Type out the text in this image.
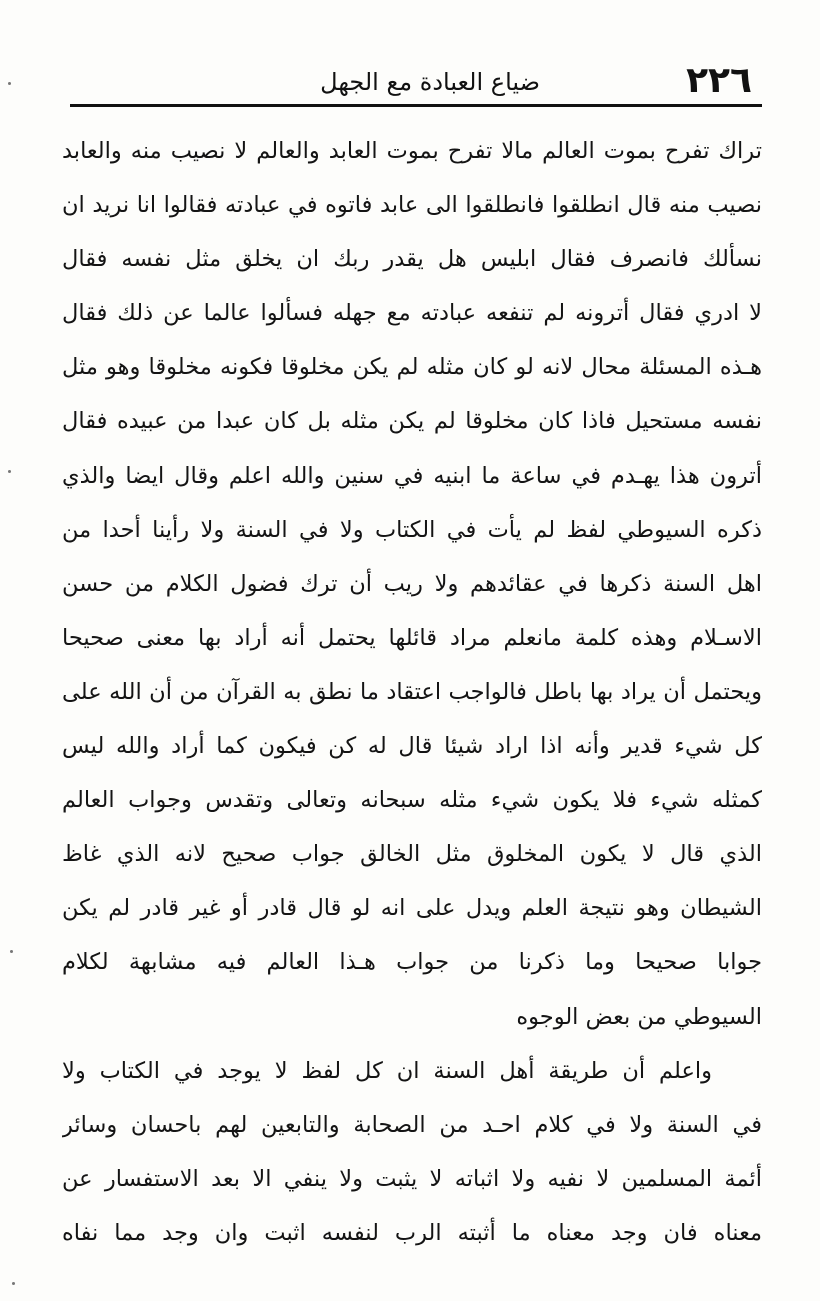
٢٢٦
ضياع العبادة مع الجهل
تراك تفرح بموت العالم مالا تفرح بموت العابد والعالم لا نصيب منه والعابد
نصيب منه قال انطلقوا فانطلقوا الى عابد فاتوه في عبادته فقالوا انا نريد ان
نسألك فانصرف فقال ابليس هل يقدر ربك ان يخلق مثل نفسه فقال
لا ادري فقال أترونه لم تنفعه عبادته مع جهله فسألوا عالما عن ذلك فقال
هـذه المسئلة محال لانه لو كان مثله لم يكن مخلوقا فكونه مخلوقا وهو مثل
نفسه مستحيل فاذا كان مخلوقا لم يكن مثله بل كان عبدا من عبيده فقال
أترون هذا يهـدم في ساعة ما ابنيه في سنين والله اعلم وقال ايضا والذي
ذكره السيوطي لفظ لم يأت في الكتاب ولا في السنة ولا رأينا أحدا من
اهل السنة ذكرها في عقائدهم ولا ريب أن ترك فضول الكلام من حسن
الاسـلام وهذه كلمة مانعلم مراد قائلها يحتمل أنه أراد بها معنى صحيحا
ويحتمل أن يراد بها باطل فالواجب اعتقاد ما نطق به القرآن من أن الله على
كل شيء قدير وأنه اذا اراد شيئا قال له كن فيكون كما أراد والله ليس
كمثله شيء فلا يكون شيء مثله سبحانه وتعالى وتقدس وجواب العالم
الذي قال لا يكون المخلوق مثل الخالق جواب صحيح لانه الذي غاظ
الشيطان وهو نتيجة العلم ويدل على انه لو قال قادر أو غير قادر لم يكن
جوابا صحيحا وما ذكرنا من جواب هـذا العالم فيه مشابهة لكلام
السيوطي من بعض الوجوه
واعلم أن طريقة أهل السنة ان كل لفظ لا يوجد في الكتاب ولا
في السنة ولا في كلام احـد من الصحابة والتابعين لهم باحسان وسائر
أئمة المسلمين لا نفيه ولا اثباته لا يثبت ولا ينفي الا بعد الاستفسار عن
معناه فان وجد معناه ما أثبته الرب لنفسه اثبت وان وجد مما نفاه
